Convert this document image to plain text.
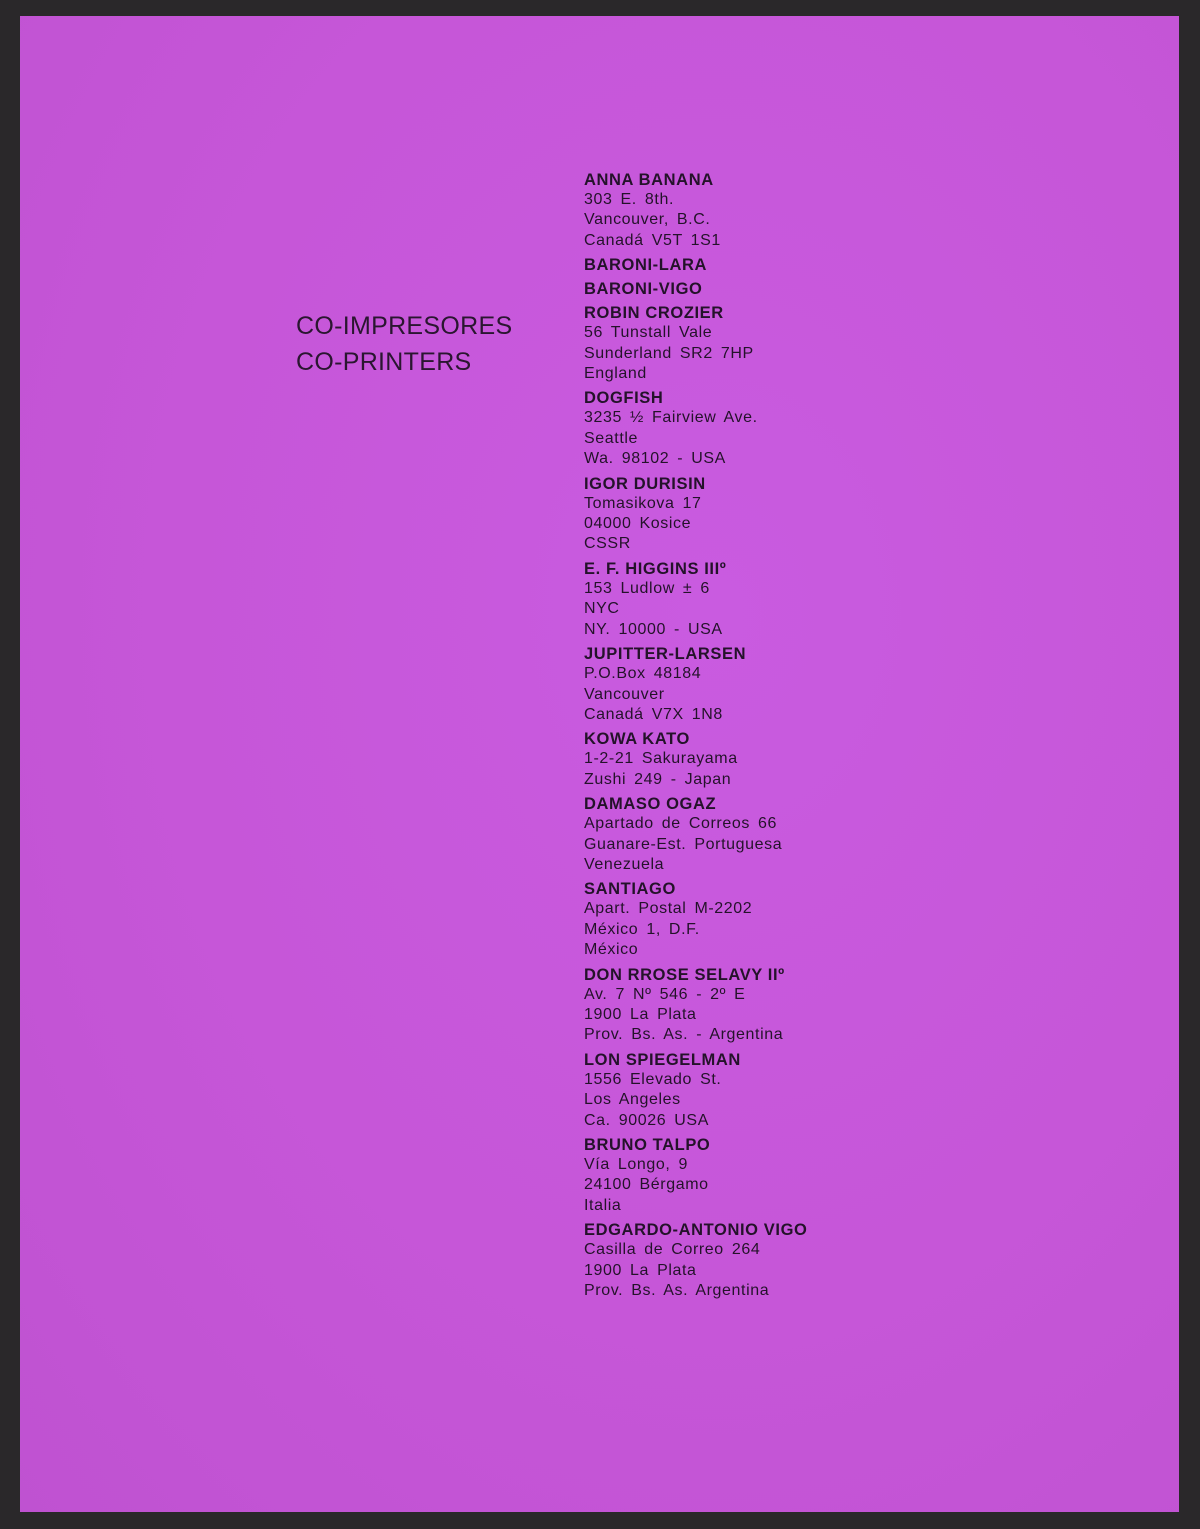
CO-IMPRESORES
CO-PRINTERS
ANNA BANANA
303 E. 8th.
Vancouver, B.C.
Canadá V5T 1S1
BARONI-LARA
BARONI-VIGO
ROBIN CROZIER
56 Tunstall Vale
Sunderland SR2 7HP
England
DOGFISH
3235 ½ Fairview Ave.
Seattle
Wa. 98102 - USA
IGOR DURISIN
Tomasikova 17
04000 Kosice
CSSR
E. F. HIGGINS IIIº
153 Ludlow ± 6
NYC
NY. 10000 - USA
JUPITTER-LARSEN
P.O.Box 48184
Vancouver
Canadá V7X 1N8
KOWA KATO
1-2-21 Sakurayama
Zushi 249 - Japan
DAMASO OGAZ
Apartado de Correos 66
Guanare-Est. Portuguesa
Venezuela
SANTIAGO
Apart. Postal M-2202
México 1, D.F.
México
DON RROSE SELAVY IIº
Av. 7 Nº 546 - 2º E
1900 La Plata
Prov. Bs. As. - Argentina
LON SPIEGELMAN
1556 Elevado St.
Los Angeles
Ca. 90026 USA
BRUNO TALPO
Vía Longo, 9
24100 Bérgamo
Italia
EDGARDO-ANTONIO VIGO
Casilla de Correo 264
1900 La Plata
Prov. Bs. As. Argentina
